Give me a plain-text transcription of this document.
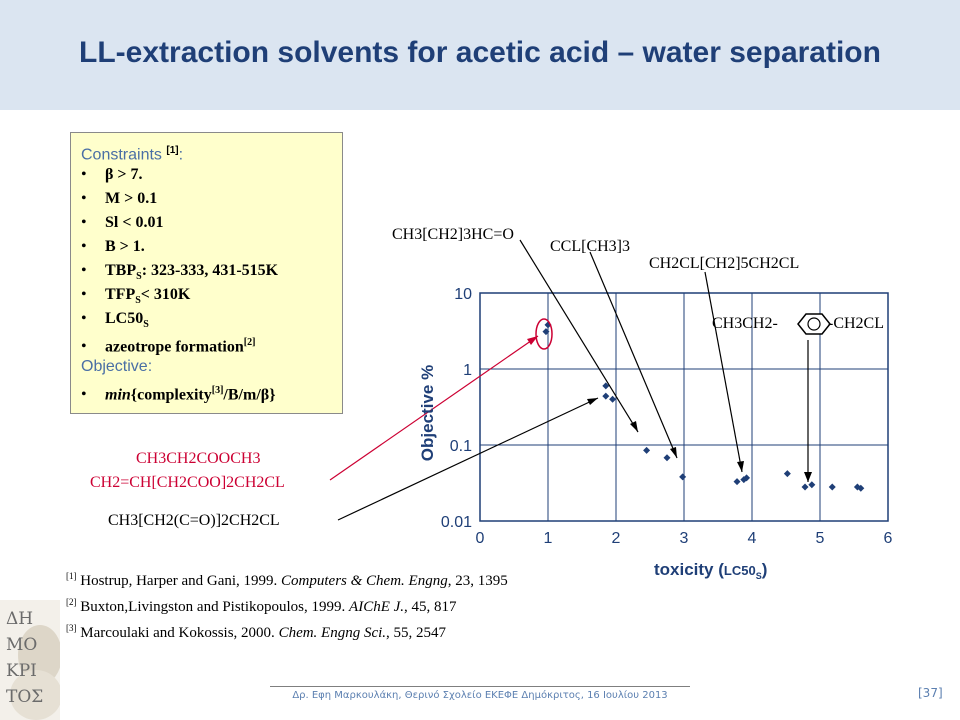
LL-extraction solvents for acetic acid – water separation
Constraints [1]:
• β > 7.
• M > 0.1
• Sl < 0.01
• B > 1.
• $TBP_S$: 323-333, 431-515K
• $TFP_S< 310K$
• $LC50_S$
• azeotrope formation[2]
Objective:
• min{complexity[3]/B/m/β}
0.01
0.1
1
10
0	1	2	3	4	5	6
Objective %
toxicity $(LC50_S)$
CH3[CH2]3HC=O
CCL[CH3]3
CH2CL[CH2]5CH2CL
CH3CH2-	-CH2CL
CH3CH2COOCH3
CH2=CH[CH2COO]2CH2CL
CH3[CH2(C=O)]2CH2CL
[1] Hostrup, Harper and Gani, 1999. Computers & Chem. Engng, 23, 1395
[2] Buxton,Livingston and Pistikopoulos, 1999. AIChE J., 45, 817
[3] Marcoulaki and Kokossis, 2000. Chem. Engng Sci., 55, 2547
ΔΗ ΜΟ ΚΡΙ ΤΟΣ	Δρ. Εφη Μαρκουλάκη, Θερινό Σχολείο ΕΚΕΦΕ Δημόκριτος, 16 Ιουλίου 2013	[37]
